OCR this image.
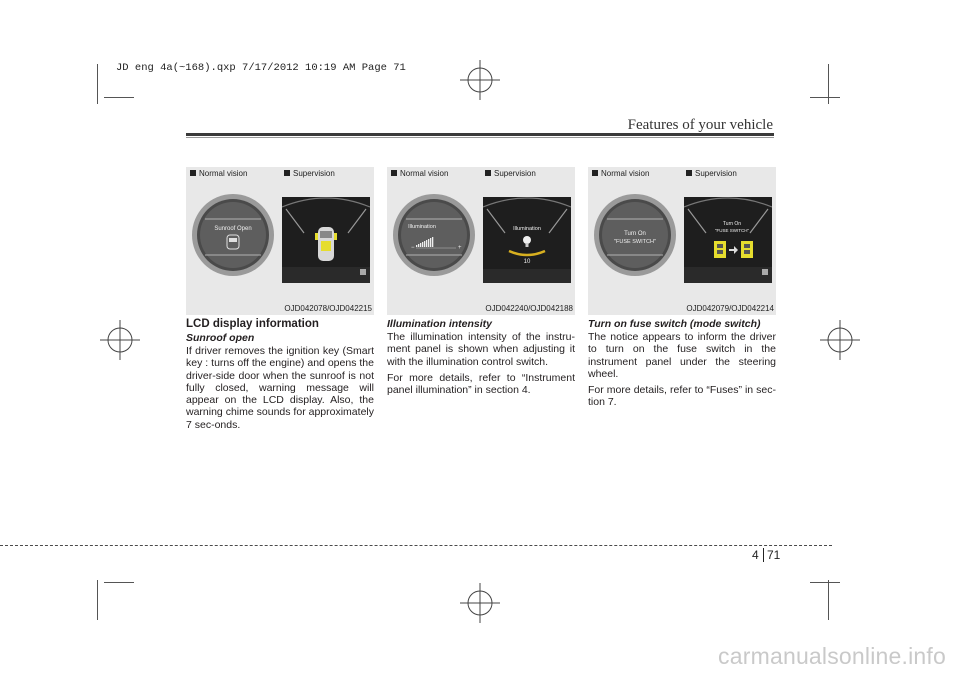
JD eng 4a(~168).qxp 7/17/2012 10:19 AM Page 71
Features of your vehicle
Normal vision	Supervision
Sunroof Open
OJD042078/OJD042215
Normal vision	Supervision
Illumination
−	+
Illumination
10
OJD042240/OJD042188
Normal vision	Supervision
Turn On
"FUSE SWITCH"
Turn On
"FUSE SWITCH"
OJD042079/OJD042214
LCD display information
Sunroof open

If driver removes the ignition key (Smart key : turns off the engine) and opens the driver-side door when the sunroof is not fully closed, warning message will appear on the LCD display. Also, the warning chime sounds for approximately 7 sec-onds.

Illumination intensity

The illumination intensity of the instru-ment panel is shown when adjusting it with the illumination control switch.

For more details, refer to “Instrument panel illumination” in section 4.

Turn on fuse switch (mode switch)

The notice appears to inform the driver to turn on the fuse switch in the instrument panel under the steering wheel.

For more details, refer to “Fuses” in sec-tion 7.

4 71
carmanualsonline.info
